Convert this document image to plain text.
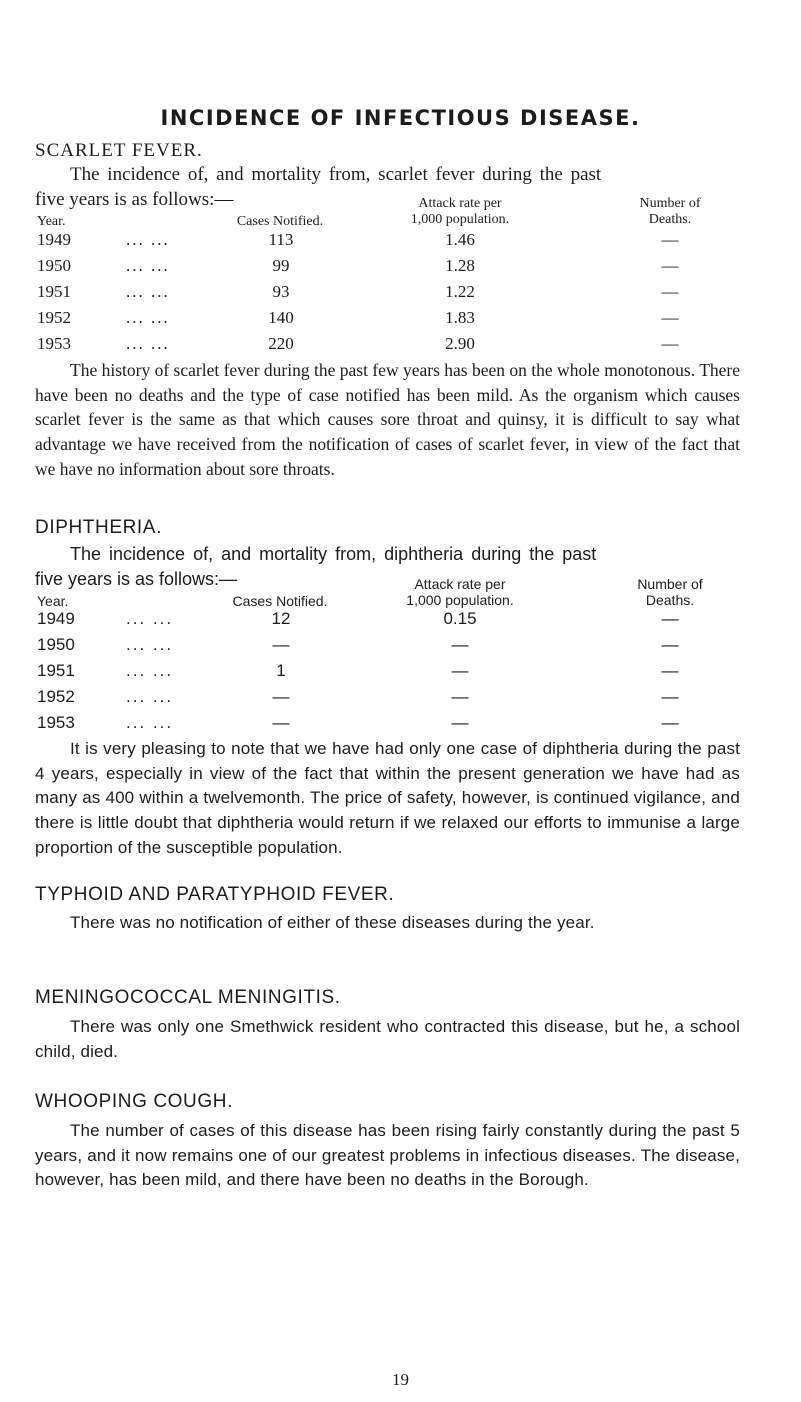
INCIDENCE OF INFECTIOUS DISEASE.
SCARLET FEVER.
The incidence of, and mortality from, scarlet fever during the past
five years is as follows:—
Year.	Cases Notified.
Attack rate per
1,000 population.
Number of
Deaths.
1949	... ...	113	1.46	—
1950	... ...	99	1.28	—
1951	... ...	93	1.22	—
1952	... ...	140	1.83	—
1953	... ...	220	2.90	—

The history of scarlet fever during the past few years has been on the whole monotonous. There have been no deaths and the type of case notified has been mild. As the organism which causes scarlet fever is the same as that which causes sore throat and quinsy, it is difficult to say what advantage we have received from the notification of cases of scarlet fever, in view of the fact that we have no information about sore throats.

DIPHTHERIA.
The incidence of, and mortality from, diphtheria during the past
five years is as follows:—
Year.	Cases Notified.
Attack rate per
1,000 population.
Number of
Deaths.
1949	... ...	12	0.15	—
1950	... ...	—	—	—
1951	... ...	1	—	—
1952	... ...	—	—	—
1953	... ...	—	—	—

It is very pleasing to note that we have had only one case of diphtheria during the past 4 years, especially in view of the fact that within the present generation we have had as many as 400 within a twelvemonth. The price of safety, however, is continued vigilance, and there is little doubt that diphtheria would return if we relaxed our efforts to immunise a large proportion of the susceptible population.

TYPHOID AND PARATYPHOID FEVER.

There was no notification of either of these diseases during the year.

MENINGOCOCCAL MENINGITIS.

There was only one Smethwick resident who contracted this disease, but he, a school child, died.

WHOOPING COUGH.

The number of cases of this disease has been rising fairly constantly during the past 5 years, and it now remains one of our greatest problems in infectious diseases. The disease, however, has been mild, and there have been no deaths in the Borough.

19
